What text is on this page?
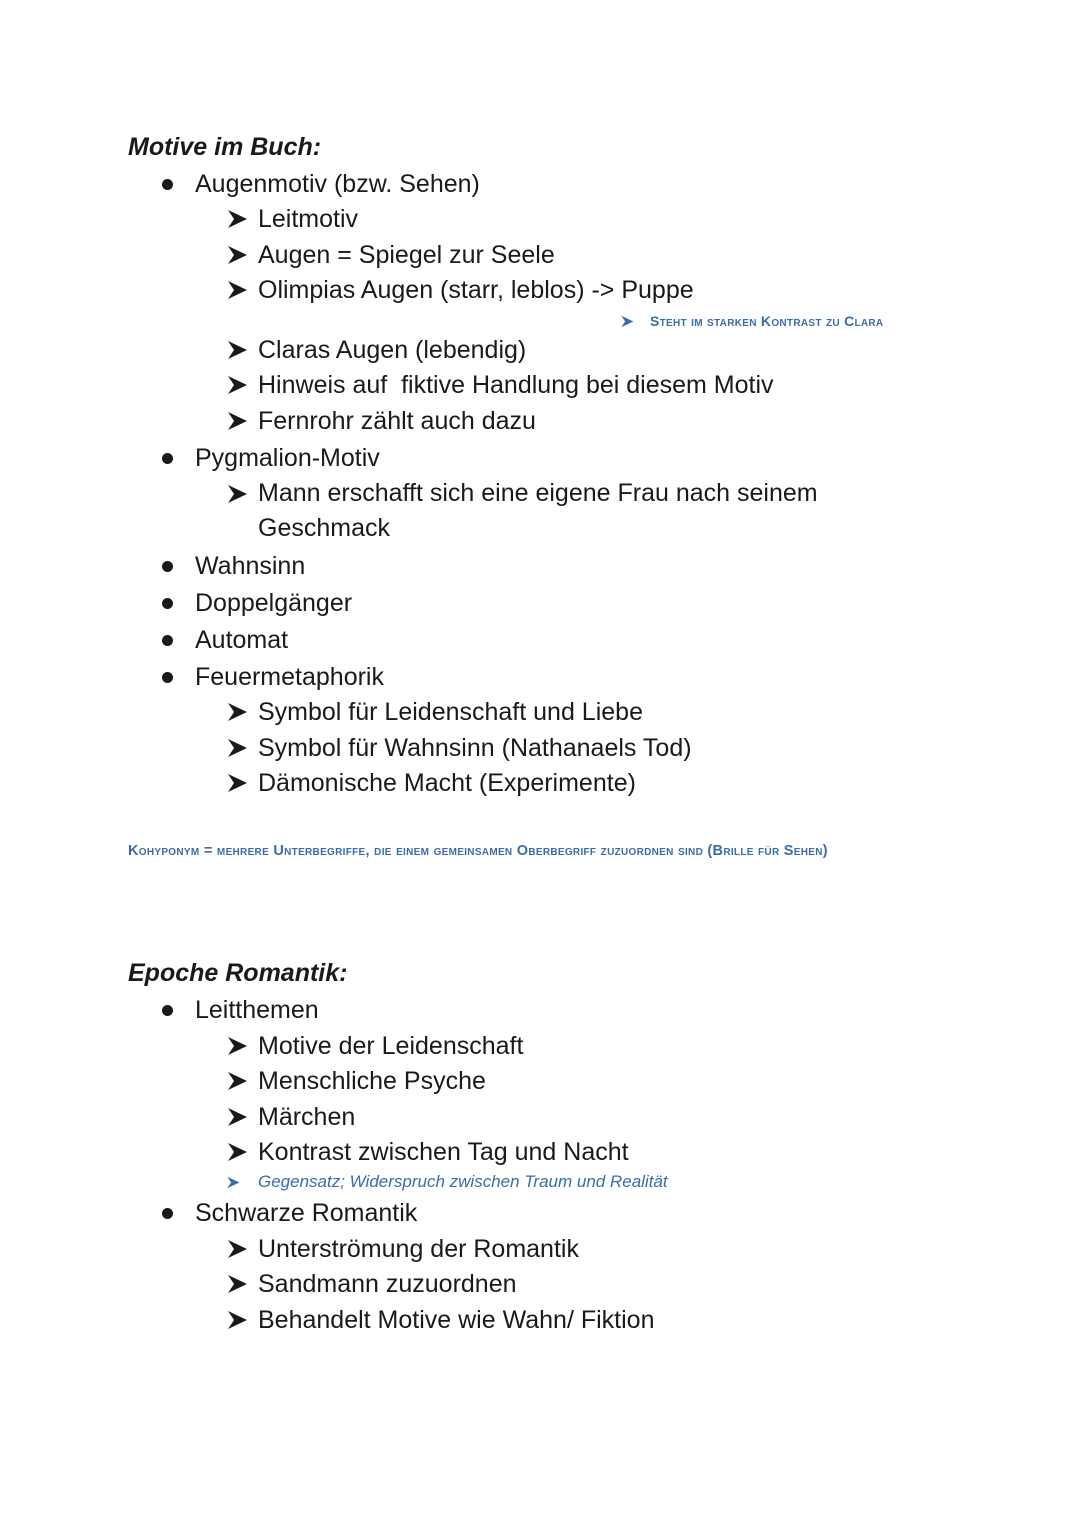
Motive im Buch:
Augenmotiv (bzw. Sehen)
Leitmotiv
Augen = Spiegel zur Seele
Olimpias Augen (starr, leblos) -> Puppe
Steht im starken Kontrast zu Clara
Claras Augen (lebendig)
Hinweis auf  fiktive Handlung bei diesem Motiv
Fernrohr zählt auch dazu
Pygmalion-Motiv
Mann erschafft sich eine eigene Frau nach seinem Geschmack
Wahnsinn
Doppelgänger
Automat
Feuermetaphorik
Symbol für Leidenschaft und Liebe
Symbol für Wahnsinn (Nathanaels Tod)
Dämonische Macht (Experimente)
Kohyponym = mehrere Unterbegriffe, die einem gemeinsamen Oberbegriff zuzuordnen sind (Brille für Sehen)
Epoche Romantik:
Leitthemen
Motive der Leidenschaft
Menschliche Psyche
Märchen
Kontrast zwischen Tag und Nacht
Gegensatz; Widerspruch zwischen Traum und Realität
Schwarze Romantik
Unterströmung der Romantik
Sandmann zuzuordnen
Behandelt Motive wie Wahn/ Fiktion
